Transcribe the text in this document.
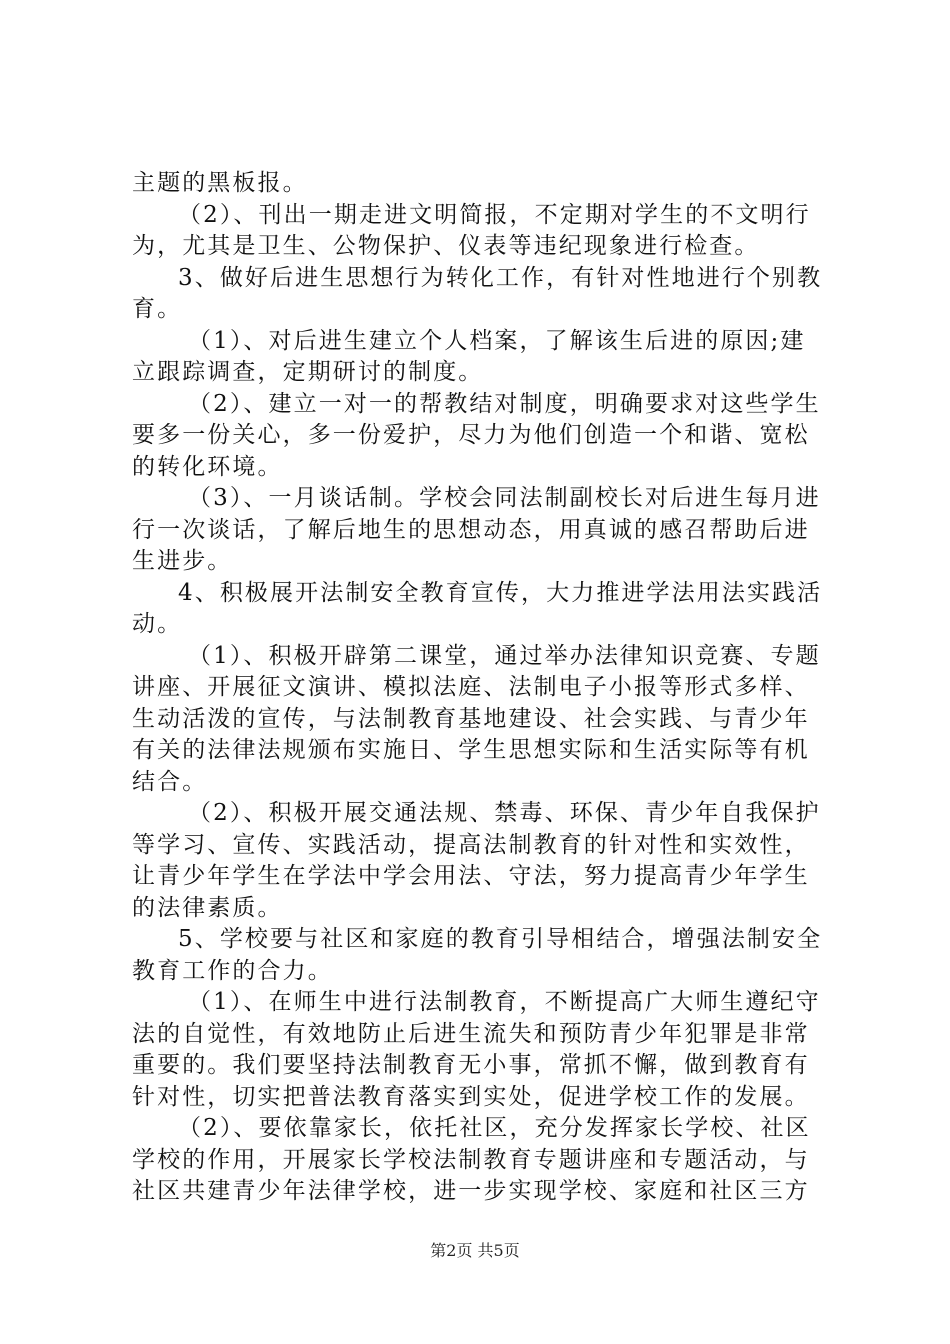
主题的黑板报。
（2）、刊出一期走进文明简报，不定期对学生的不文明行
为，尤其是卫生、公物保护、仪表等违纪现象进行检查。
3、做好后进生思想行为转化工作，有针对性地进行个别教
育。
（1）、对后进生建立个人档案，了解该生后进的原因;建
立跟踪调查，定期研讨的制度。
（2）、建立一对一的帮教结对制度，明确要求对这些学生
要多一份关心，多一份爱护，尽力为他们创造一个和谐、宽松
的转化环境。
（3）、一月谈话制。学校会同法制副校长对后进生每月进
行一次谈话，了解后地生的思想动态，用真诚的感召帮助后进
生进步。
4、积极展开法制安全教育宣传，大力推进学法用法实践活
动。
（1）、积极开辟第二课堂，通过举办法律知识竞赛、专题
讲座、开展征文演讲、模拟法庭、法制电子小报等形式多样、
生动活泼的宣传，与法制教育基地建设、社会实践、与青少年
有关的法律法规颁布实施日、学生思想实际和生活实际等有机
结合。
（2）、积极开展交通法规、禁毒、环保、青少年自我保护
等学习、宣传、实践活动，提高法制教育的针对性和实效性，
让青少年学生在学法中学会用法、守法，努力提高青少年学生
的法律素质。
5、学校要与社区和家庭的教育引导相结合，增强法制安全
教育工作的合力。
（1）、在师生中进行法制教育，不断提高广大师生遵纪守
法的自觉性，有效地防止后进生流失和预防青少年犯罪是非常
重要的。我们要坚持法制教育无小事，常抓不懈，做到教育有
针对性，切实把普法教育落实到实处，促进学校工作的发展。
（2）、要依靠家长，依托社区，充分发挥家长学校、社区
学校的作用，开展家长学校法制教育专题讲座和专题活动，与
社区共建青少年法律学校，进一步实现学校、家庭和社区三方
第2页 共5页
